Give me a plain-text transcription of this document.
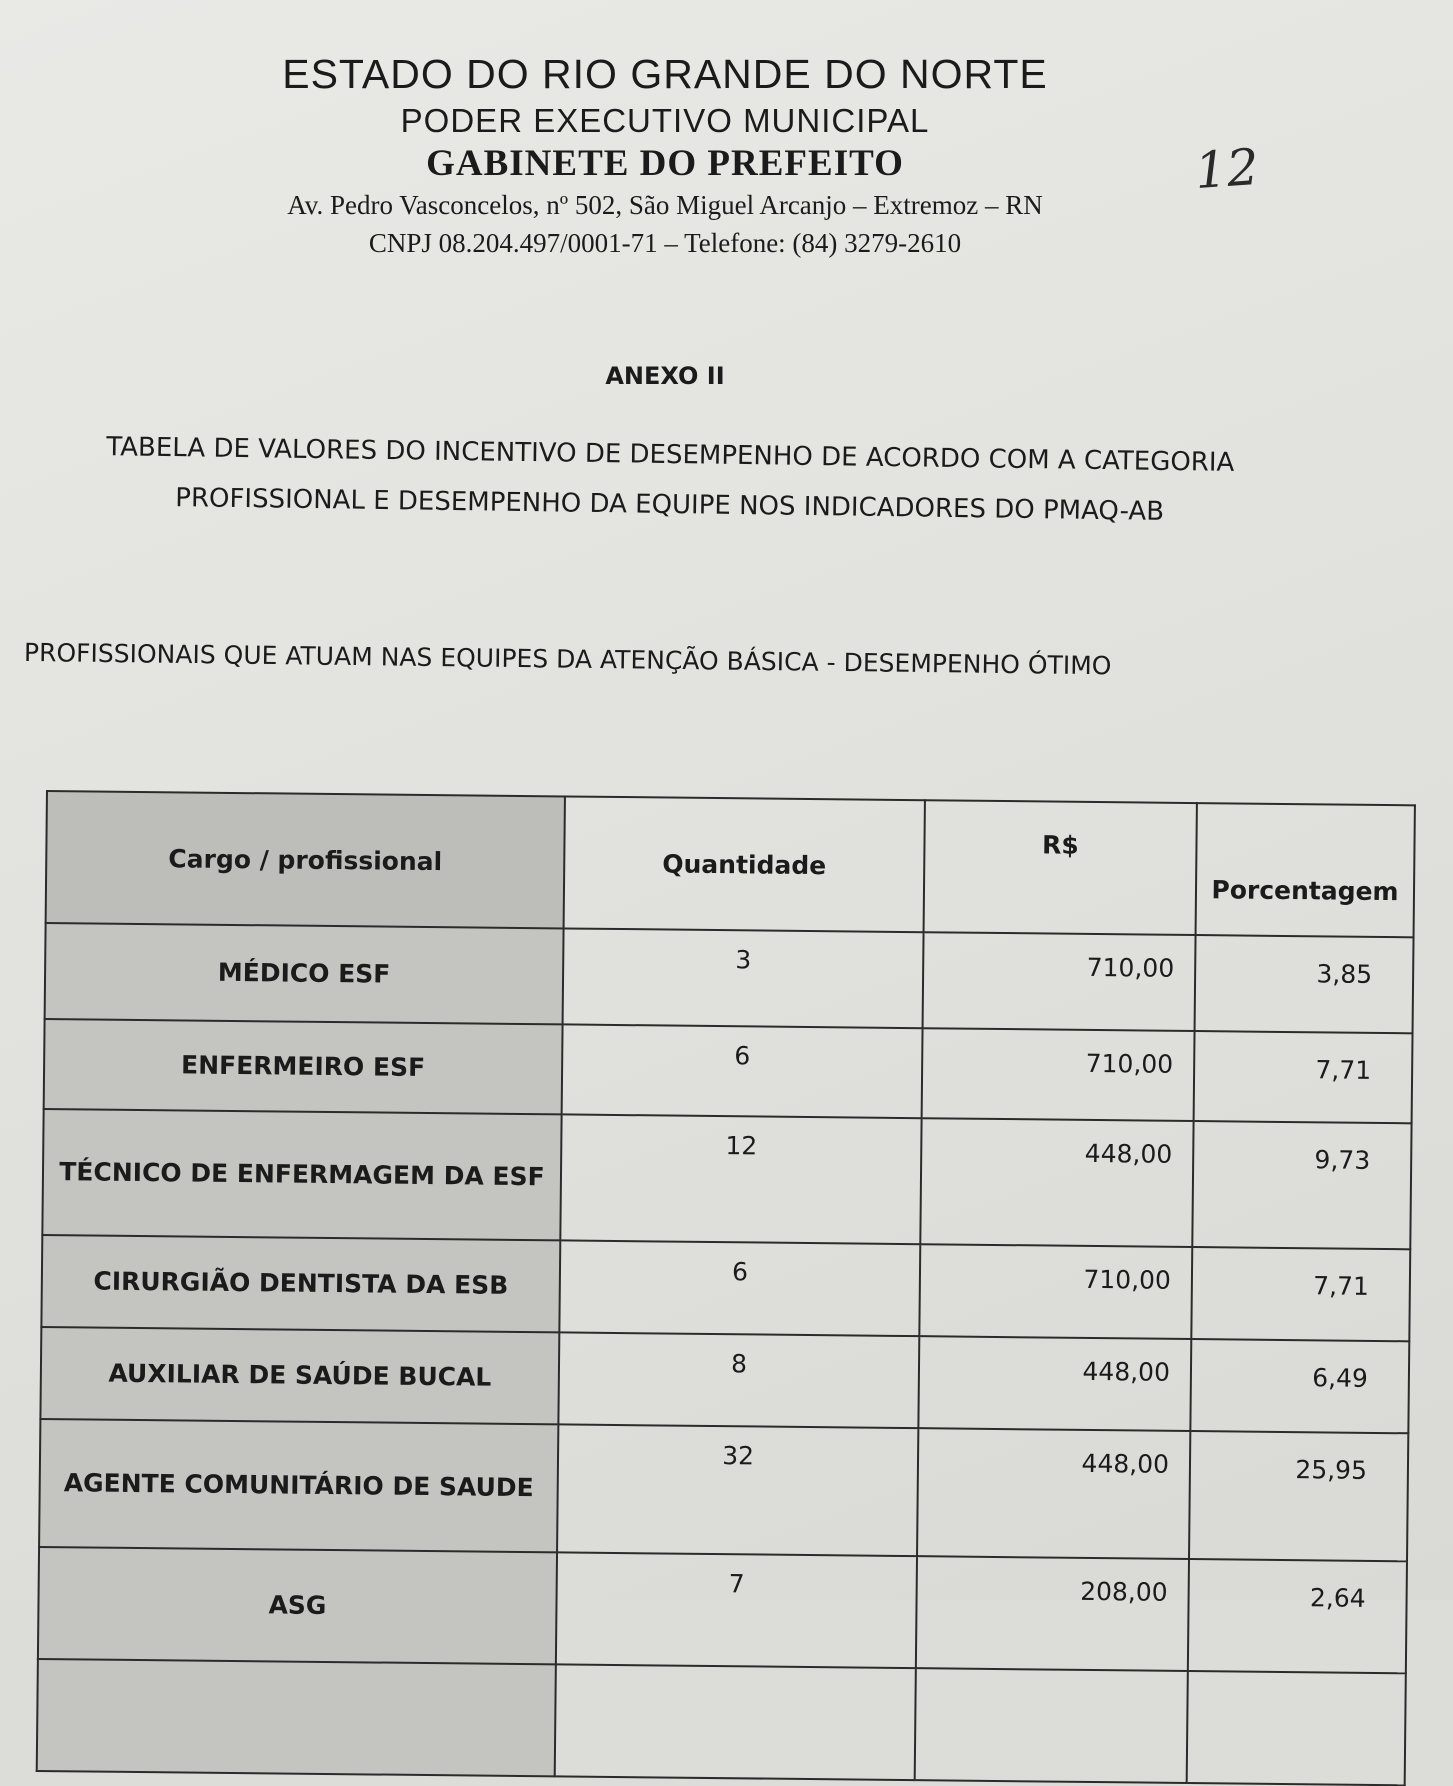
ESTADO DO RIO GRANDE DO NORTE
PODER EXECUTIVO MUNICIPAL
GABINETE DO PREFEITO
Av. Pedro Vasconcelos, nº 502, São Miguel Arcanjo – Extremoz – RN
CNPJ 08.204.497/0001-71 – Telefone: (84) 3279-2610
12
ANEXO II
TABELA DE VALORES DO INCENTIVO DE DESEMPENHO DE ACORDO COM A CATEGORIA
PROFISSIONAL E DESEMPENHO DA EQUIPE NOS INDICADORES DO PMAQ-AB
PROFISSIONAIS QUE ATUAM NAS EQUIPES DA ATENÇÃO BÁSICA - DESEMPENHO ÓTIMO
Cargo / profissional	Quantidade	R$	Porcentagem
MÉDICO ESF	3	710,00	3,85
ENFERMEIRO ESF	6	710,00	7,71
TÉCNICO DE ENFERMAGEM DA ESF	12	448,00	9,73
CIRURGIÃO DENTISTA DA ESB	6	710,00	7,71
AUXILIAR DE SAÚDE BUCAL	8	448,00	6,49
AGENTE COMUNITÁRIO DE SAUDE	32	448,00	25,95
ASG	7	208,00	2,64
